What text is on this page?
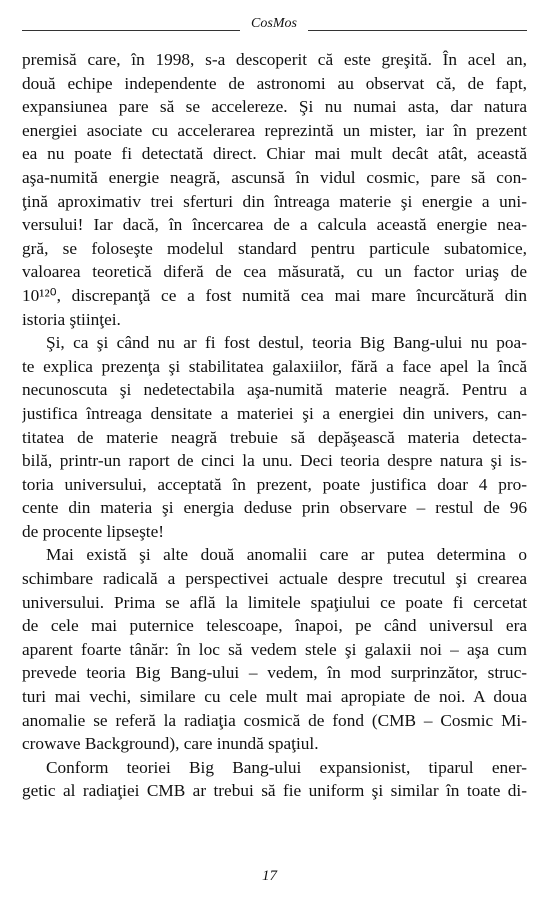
CosMos
premisă care, în 1998, s-a descoperit că este greşită. În acel an,
două echipe independente de astronomi au observat că, de fapt,
expansiunea pare să se accelereze. Şi nu numai asta, dar natura
energiei asociate cu accelerarea reprezintă un mister, iar în prezent
ea nu poate fi detectată direct. Chiar mai mult decât atât, această
aşa-numită energie neagră, ascunsă în vidul cosmic, pare să con-
ţină aproximativ trei sferturi din întreaga materie şi energie a uni-
versului! Iar dacă, în încercarea de a calcula această energie nea-
gră, se foloseşte modelul standard pentru particule subatomice,
valoarea teoretică diferă de cea măsurată, cu un factor uriaş de
10¹²⁰, discrepanţă ce a fost numită cea mai mare încurcătură din
istoria ştiinţei.
Şi, ca şi când nu ar fi fost destul, teoria Big Bang-ului nu poa-
te explica prezenţa şi stabilitatea galaxiilor, fără a face apel la încă
necunoscuta şi nedetectabila aşa-numită materie neagră. Pentru a
justifica întreaga densitate a materiei şi a energiei din univers, can-
titatea de materie neagră trebuie să depăşească materia detecta-
bilă, printr-un raport de cinci la unu. Deci teoria despre natura şi is-
toria universului, acceptată în prezent, poate justifica doar 4 pro-
cente din materia şi energia deduse prin observare – restul de 96
de procente lipseşte!
Mai există şi alte două anomalii care ar putea determina o
schimbare radicală a perspectivei actuale despre trecutul şi crearea
universului. Prima se află la limitele spaţiului ce poate fi cercetat
de cele mai puternice telescoape, înapoi, pe când universul era
aparent foarte tânăr: în loc să vedem stele şi galaxii noi – aşa cum
prevede teoria Big Bang-ului – vedem, în mod surprinzător, struc-
turi mai vechi, similare cu cele mult mai apropiate de noi. A doua
anomalie se referă la radiaţia cosmică de fond (CMB – Cosmic Mi-
crowave Background), care inundă spaţiul.
Conform teoriei Big Bang-ului expansionist, tiparul ener-
getic al radiaţiei CMB ar trebui să fie uniform şi similar în toate di-
17
